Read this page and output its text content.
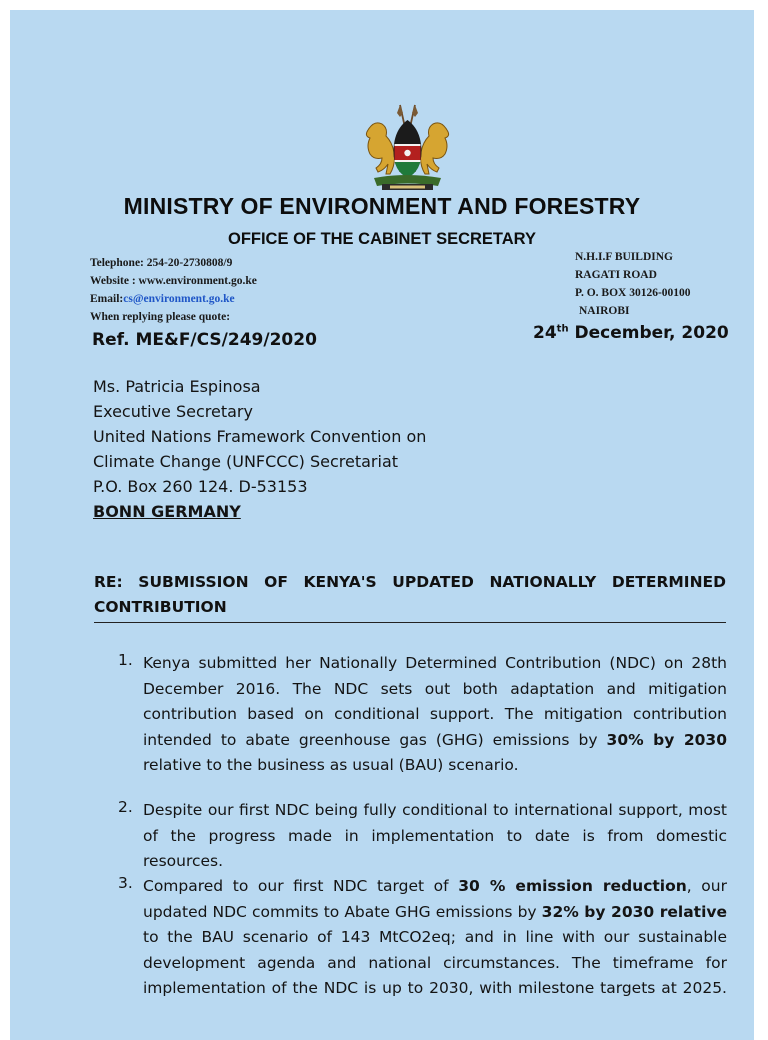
MINISTRY OF ENVIRONMENT AND FORESTRY
OFFICE OF THE CABINET SECRETARY
Telephone: 254-20-2730808/9
Website : www.environment.go.ke
Email:cs@environment.go.ke
When replying please quote:
N.H.I.F BUILDING
RAGATI ROAD
P. O. BOX 30126-00100
NAIROBI
Ref. ME&F/CS/249/2020	24th December, 2020
Ms. Patricia Espinosa
Executive Secretary
United Nations Framework Convention on
Climate Change (UNFCCC) Secretariat
P.O. Box 260 124. D-53153
BONN GERMANY
RE: SUBMISSION OF KENYA'S UPDATED NATIONALLY DETERMINED
CONTRIBUTION
1. Kenya submitted her Nationally Determined Contribution (NDC) on 28th
December 2016. The NDC sets out both adaptation and mitigation
contribution based on conditional support. The mitigation contribution
intended to abate greenhouse gas (GHG) emissions by 30% by 2030
relative to the business as usual (BAU) scenario.
2. Despite our first NDC being fully conditional to international support, most
of the progress made in implementation to date is from domestic resources.
3. Compared to our first NDC target of 30 % emission reduction, our
updated NDC commits to Abate GHG emissions by 32% by 2030 relative
to the BAU scenario of 143 MtCO2eq; and in line with our sustainable
development agenda and national circumstances. The timeframe for
implementation of the NDC is up to 2030, with milestone targets at 2025.
